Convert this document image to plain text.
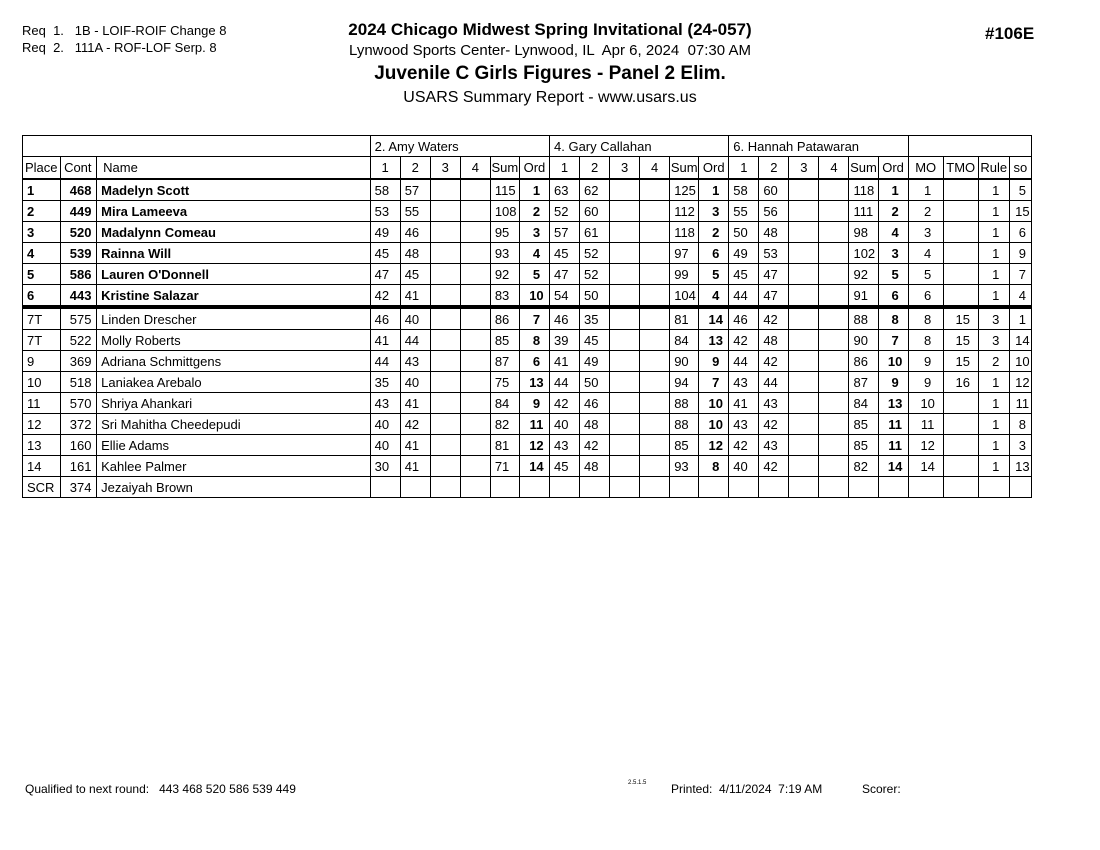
Req  1.   1B - LOIF-ROIF Change 8
Req  2.   111A - ROF-LOF Serp. 8
2024 Chicago Midwest Spring Invitational (24-057)
Lynwood Sports Center- Lynwood, IL  Apr 6, 2024  07:30 AM
Juvenile C Girls Figures - Panel 2 Elim.
USARS Summary Report - www.usars.us
#106E
			2. Amy Waters						4. Gary Callahan						6. Hannah Patawaran									
Place	Cont	Name	1	2	3	4	Sum	Ord	1	2	3	4	Sum	Ord	1	2	3	4	Sum	Ord	MO	TMO	Rule	so
1	468	Madelyn Scott	58	57			115	1	63	62			125	1	58	60			118	1	1		1	5
2	449	Mira Lameeva	53	55			108	2	52	60			112	3	55	56			111	2	2		1	15
3	520	Madalynn Comeau	49	46			95	3	57	61			118	2	50	48			98	4	3		1	6
4	539	Rainna Will	45	48			93	4	45	52			97	6	49	53			102	3	4		1	9
5	586	Lauren O'Donnell	47	45			92	5	47	52			99	5	45	47			92	5	5		1	7
6	443	Kristine Salazar	42	41			83	10	54	50			104	4	44	47			91	6	6		1	4
7T	575	Linden Drescher	46	40			86	7	46	35			81	14	46	42			88	8	8	15	3	1
7T	522	Molly Roberts	41	44			85	8	39	45			84	13	42	48			90	7	8	15	3	14
9	369	Adriana Schmittgens	44	43			87	6	41	49			90	9	44	42			86	10	9	15	2	10
10	518	Laniakea Arebalo	35	40			75	13	44	50			94	7	43	44			87	9	9	16	1	12
11	570	Shriya Ahankari	43	41			84	9	42	46			88	10	41	43			84	13	10		1	11
12	372	Sri Mahitha Cheedepudi	40	42			82	11	40	48			88	10	43	42			85	11	11		1	8
13	160	Ellie Adams	40	41			81	12	43	42			85	12	42	43			85	11	12		1	3
14	161	Kahlee Palmer	30	41			71	14	45	48			93	8	40	42			82	14	14		1	13
SCR	374	Jezaiyah Brown																						
Qualified to next round:   443 468 520 586 539 449	2.5.1.5 Printed:  4/11/2024  7:19 AM	Scorer:
